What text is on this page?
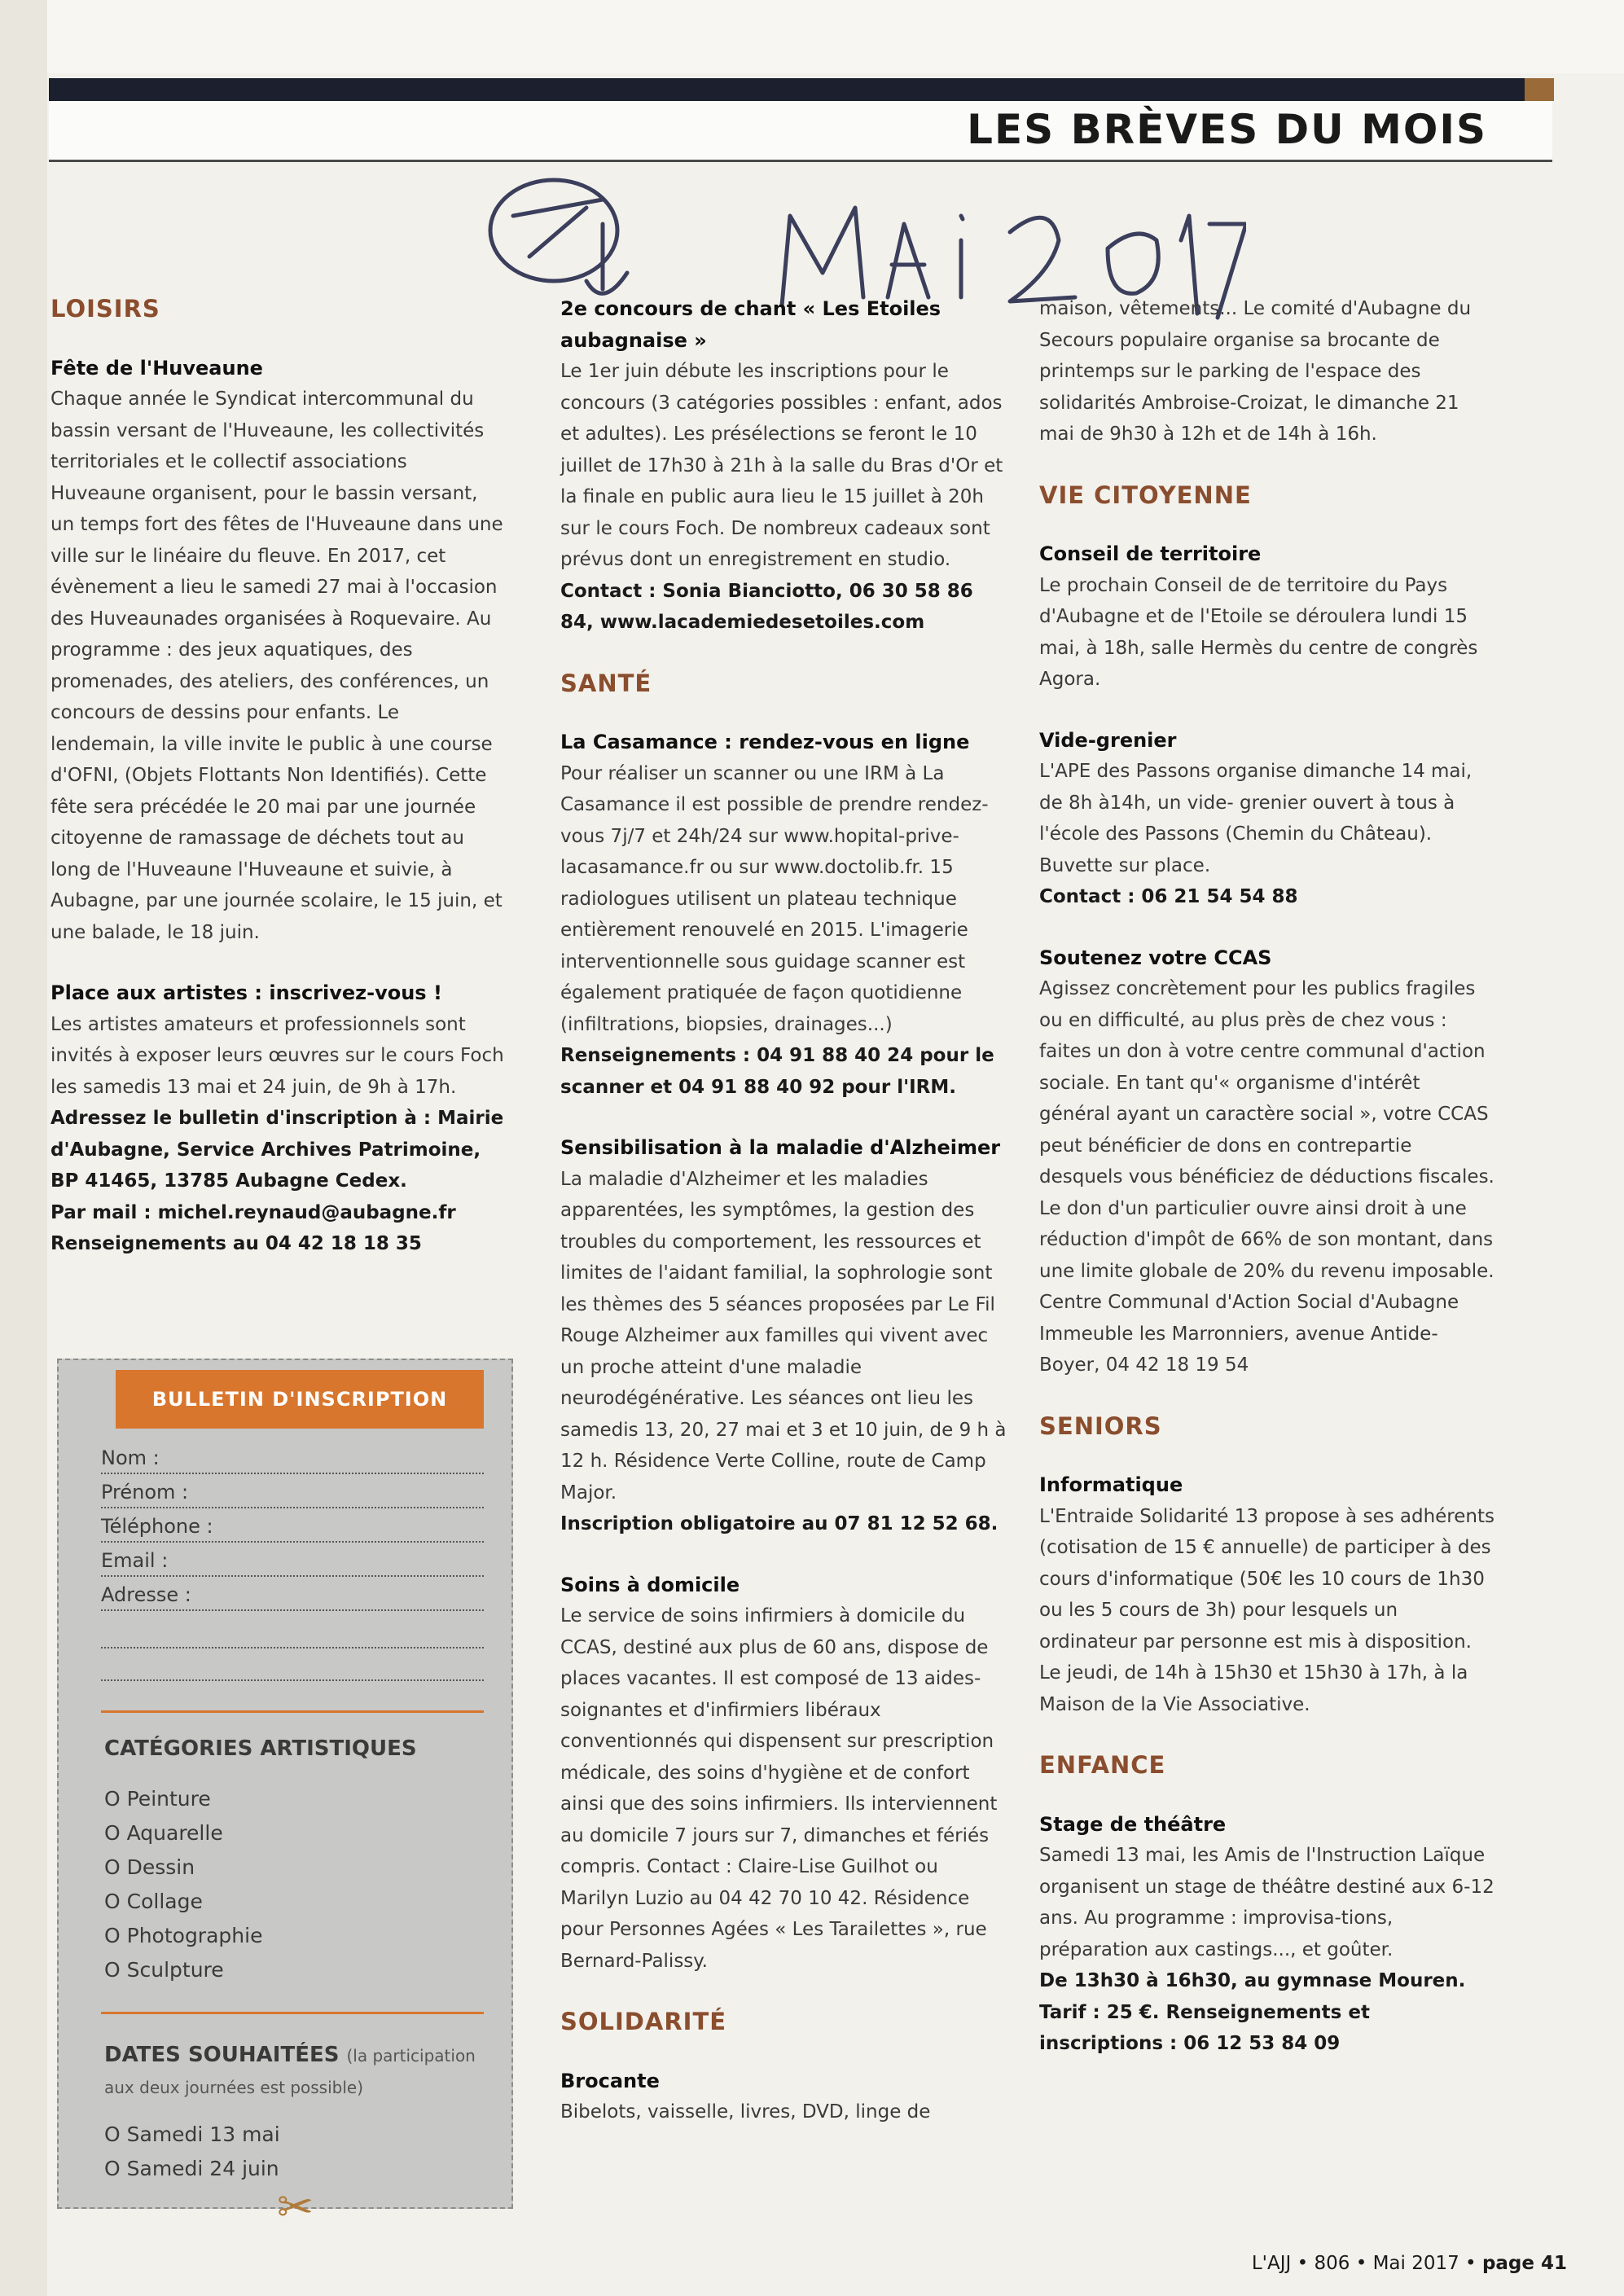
LES BRÈVES DU MOIS
LOISIRS

Fête de l'Huveaune

Chaque année le Syndicat intercommunal du bassin versant de l'Huveaune, les collectivités territoriales et le collectif associations Huveaune organisent, pour le bassin versant, un temps fort des fêtes de l'Huveaune dans une ville sur le linéaire du fleuve. En 2017, cet évènement a lieu le samedi 27 mai à l'occasion des Huveaunades organisées à Roquevaire. Au programme : des jeux aquatiques, des promenades, des ateliers, des conférences, un concours de dessins pour enfants. Le lendemain, la ville invite le public à une course d'OFNI, (Objets Flottants Non Identifiés). Cette fête sera précédée le 20 mai par une journée citoyenne de ramassage de déchets tout au long de l'Huveaune l'Huveaune et suivie, à Aubagne, par une journée scolaire, le 15 juin, et une balade, le 18 juin.

Place aux artistes : inscrivez-vous !

Les artistes amateurs et professionnels sont invités à exposer leurs œuvres sur le cours Foch les samedis 13 mai et 24 juin, de 9h à 17h.

Adressez le bulletin d'inscription à : Mairie d'Aubagne, Service Archives Patrimoine, BP 41465, 13785 Aubagne Cedex.

Par mail : michel.reynaud@aubagne.fr

Renseignements au 04 42 18 18 35

BULLETIN D'INSCRIPTION
Nom :
Prénom :
Téléphone :
Email :
Adresse :
CATÉGORIES ARTISTIQUES
O Peinture
O Aquarelle
O Dessin
O Collage
O Photographie
O Sculpture
DATES SOUHAITÉES (la participation aux deux journées est possible)
O Samedi 13 mai
O Samedi 24 juin
✂

2e concours de chant « Les Etoiles aubagnaise »

Le 1er juin débute les inscriptions pour le concours (3 catégories possibles : enfant, ados et adultes). Les présélections se feront le 10 juillet de 17h30 à 21h à la salle du Bras d'Or et la finale en public aura lieu le 15 juillet à 20h sur le cours Foch. De nombreux cadeaux sont prévus dont un enregistrement en studio.

Contact : Sonia Bianciotto, 06 30 58 86 84, www.lacademiedesetoiles.com

SANTÉ

La Casamance : rendez-vous en ligne

Pour réaliser un scanner ou une IRM à La Casamance il est possible de prendre rendez-vous 7j/7 et 24h/24 sur www.hopital-prive-lacasamance.fr ou sur www.doctolib.fr. 15 radiologues utilisent un plateau technique entièrement renouvelé en 2015. L'imagerie interventionnelle sous guidage scanner est également pratiquée de façon quotidienne (infiltrations, biopsies, drainages...)

Renseignements : 04 91 88 40 24 pour le scanner et 04 91 88 40 92 pour l'IRM.

Sensibilisation à la maladie d'Alzheimer

La maladie d'Alzheimer et les maladies apparentées, les symptômes, la gestion des troubles du comportement, les ressources et limites de l'aidant familial, la sophrologie sont les thèmes des 5 séances proposées par Le Fil Rouge Alzheimer aux familles qui vivent avec un proche atteint d'une maladie neurodégénérative. Les séances ont lieu les samedis 13, 20, 27 mai et 3 et 10 juin, de 9 h à 12 h. Résidence Verte Colline, route de Camp Major.

Inscription obligatoire au 07 81 12 52 68.

Soins à domicile

Le service de soins infirmiers à domicile du CCAS, destiné aux plus de 60 ans, dispose de places vacantes. Il est composé de 13 aides-soignantes et d'infirmiers libéraux conventionnés qui dispensent sur prescription médicale, des soins d'hygiène et de confort ainsi que des soins infirmiers. Ils interviennent au domicile 7 jours sur 7, dimanches et fériés compris. Contact : Claire-Lise Guilhot ou Marilyn Luzio au 04 42 70 10 42. Résidence pour Personnes Agées « Les Tarailettes », rue Bernard-Palissy.

SOLIDARITÉ

Brocante

Bibelots, vaisselle, livres, DVD, linge de

maison, vêtements... Le comité d'Aubagne du Secours populaire organise sa brocante de printemps sur le parking de l'espace des solidarités Ambroise-Croizat, le dimanche 21 mai de 9h30 à 12h et de 14h à 16h.

VIE CITOYENNE

Conseil de territoire

Le prochain Conseil de de territoire du Pays d'Aubagne et de l'Etoile se déroulera lundi 15 mai, à 18h, salle Hermès du centre de congrès Agora.

Vide-grenier

L'APE des Passons organise dimanche 14 mai, de 8h à14h, un vide- grenier ouvert à tous à l'école des Passons (Chemin du Château). Buvette sur place.

Contact : 06 21 54 54 88

Soutenez votre CCAS

Agissez concrètement pour les publics fragiles ou en difficulté, au plus près de chez vous : faites un don à votre centre communal d'action sociale. En tant qu'« organisme d'intérêt général ayant un caractère social », votre CCAS peut bénéficier de dons en contrepartie desquels vous bénéficiez de déductions fiscales. Le don d'un particulier ouvre ainsi droit à une réduction d'impôt de 66% de son montant, dans une limite globale de 20% du revenu imposable. Centre Communal d'Action Social d'Aubagne Immeuble les Marronniers, avenue Antide-Boyer, 04 42 18 19 54

SENIORS

Informatique

L'Entraide Solidarité 13 propose à ses adhérents (cotisation de 15 € annuelle) de participer à des cours d'informatique (50€ les 10 cours de 1h30 ou les 5 cours de 3h) pour lesquels un ordinateur par personne est mis à disposition. Le jeudi, de 14h à 15h30 et 15h30 à 17h, à la Maison de la Vie Associative.

ENFANCE

Stage de théâtre

Samedi 13 mai, les Amis de l'Instruction Laïque organisent un stage de théâtre destiné aux 6-12 ans. Au programme : improvisa-tions, préparation aux castings..., et goûter.

De 13h30 à 16h30, au gymnase Mouren.

Tarif : 25 €. Renseignements et inscriptions : 06 12 53 84 09

L'AJJ • 806 • Mai 2017 • page 41
